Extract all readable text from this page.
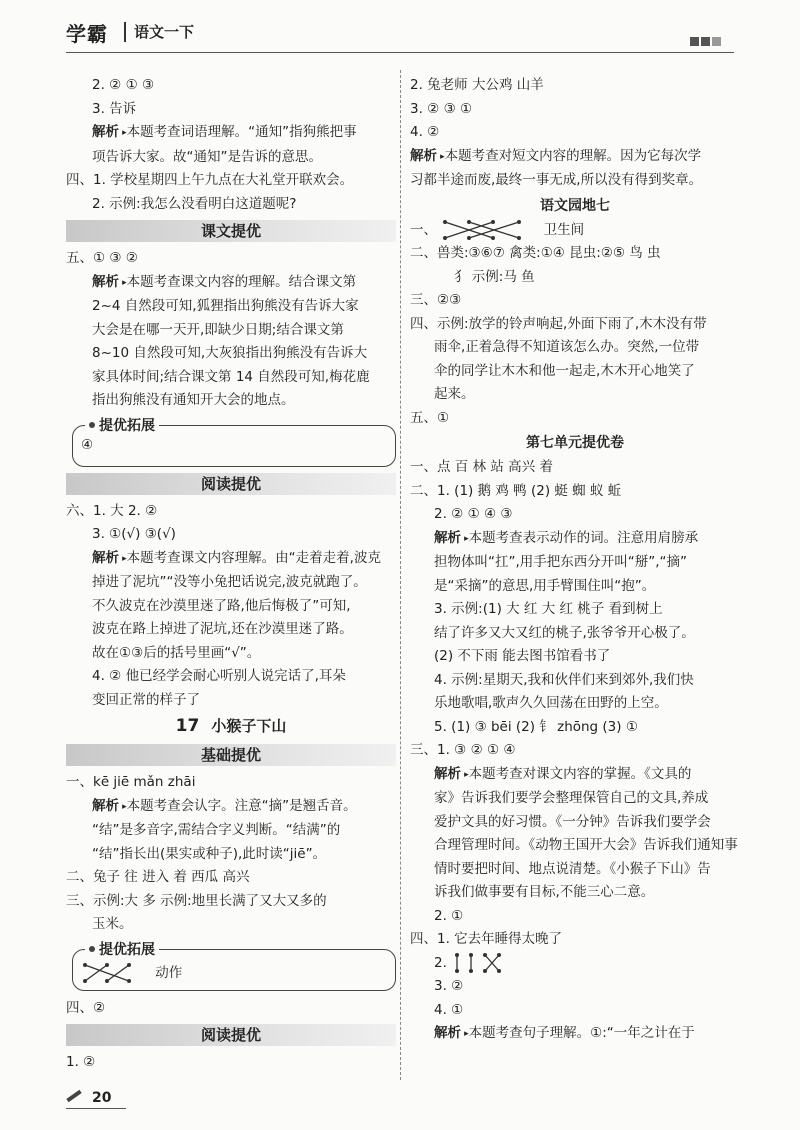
学霸 语文一下
2. ② ① ③
3. 告诉
解析 ▸ 本题考查词语理解。“通知”指狗熊把事
项告诉大家。故“通知”是告诉的意思。
四、1. 学校星期四上午九点在大礼堂开联欢会。
2. 示例:我怎么没看明白这道题呢?
课文提优
五、① ③ ②
解析 ▸ 本题考查课文内容的理解。结合课文第
2~4 自然段可知,狐狸指出狗熊没有告诉大家
大会是在哪一天开,即缺少日期;结合课文第
8~10 自然段可知,大灰狼指出狗熊没有告诉大
家具体时间;结合课文第 14 自然段可知,梅花鹿
指出狗熊没有通知开大会的地点。
提优拓展
④
阅读提优
六、1. 大 2. ②
3. ①(√) ③(√)
解析 ▸ 本题考查课文内容理解。由“走着走着,波克
掉进了泥坑”“没等小兔把话说完,波克就跑了。
不久波克在沙漠里迷了路,他后悔极了”可知,
波克在路上掉进了泥坑,还在沙漠里迷了路。
故在①③后的括号里画“√”。
4. ② 他已经学会耐心听别人说完话了,耳朵
变回正常的样子了
17 小猴子下山
基础提优
一、kē jiē mǎn zhāi
解析 ▸ 本题考查会认字。注意“摘”是翘舌音。
“结”是多音字,需结合字义判断。“结满”的
“结”指长出(果实或种子),此时读“jiē”。
二、兔子 往 进入 着 西瓜 高兴
三、示例:大 多 示例:地里长满了又大又多的
玉米。
提优拓展
动作
四、②
阅读提优
1. ②
2. 兔老师 大公鸡 山羊
3. ② ③ ①
4. ②
解析 ▸ 本题考查对短文内容的理解。因为它每次学
习都半途而废,最终一事无成,所以没有得到奖章。
语文园地七
一、	卫生间
二、兽类:③⑥⑦ 禽类:①④ 昆虫:②⑤ 鸟 虫
犭 示例:马 鱼
三、②③
四、示例:放学的铃声响起,外面下雨了,木木没有带
雨伞,正着急得不知道该怎么办。突然,一位带
伞的同学让木木和他一起走,木木开心地笑了
起来。
五、①
第七单元提优卷
一、点 百 林 站 高兴 着
二、1. (1) 鹅 鸡 鸭 (2) 蜓 蜘 蚁 蚯
2. ② ① ④ ③
解析 ▸ 本题考查表示动作的词。注意用肩膀承
担物体叫“扛”,用手把东西分开叫“掰”,“摘”
是“采摘”的意思,用手臂围住叫“抱”。
3. 示例:(1) 大 红 大 红 桃子 看到树上
结了许多又大又红的桃子,张爷爷开心极了。
(2) 不下雨 能去图书馆看书了
4. 示例:星期天,我和伙伴们来到郊外,我们快
乐地歌唱,歌声久久回荡在田野的上空。
5. (1) ③ bēi (2) 钅 zhōng (3) ①
三、1. ③ ② ① ④
解析 ▸ 本题考查对课文内容的掌握。《文具的
家》告诉我们要学会整理保管自己的文具,养成
爱护文具的好习惯。《一分钟》告诉我们要学会
合理管理时间。《动物王国开大会》告诉我们通知事
情时要把时间、地点说清楚。《小猴子下山》告
诉我们做事要有目标,不能三心二意。
2. ①
四、1. 它去年睡得太晚了
2.
3. ②
4. ①
解析 ▸ 本题考查句子理解。①:“一年之计在于
20
